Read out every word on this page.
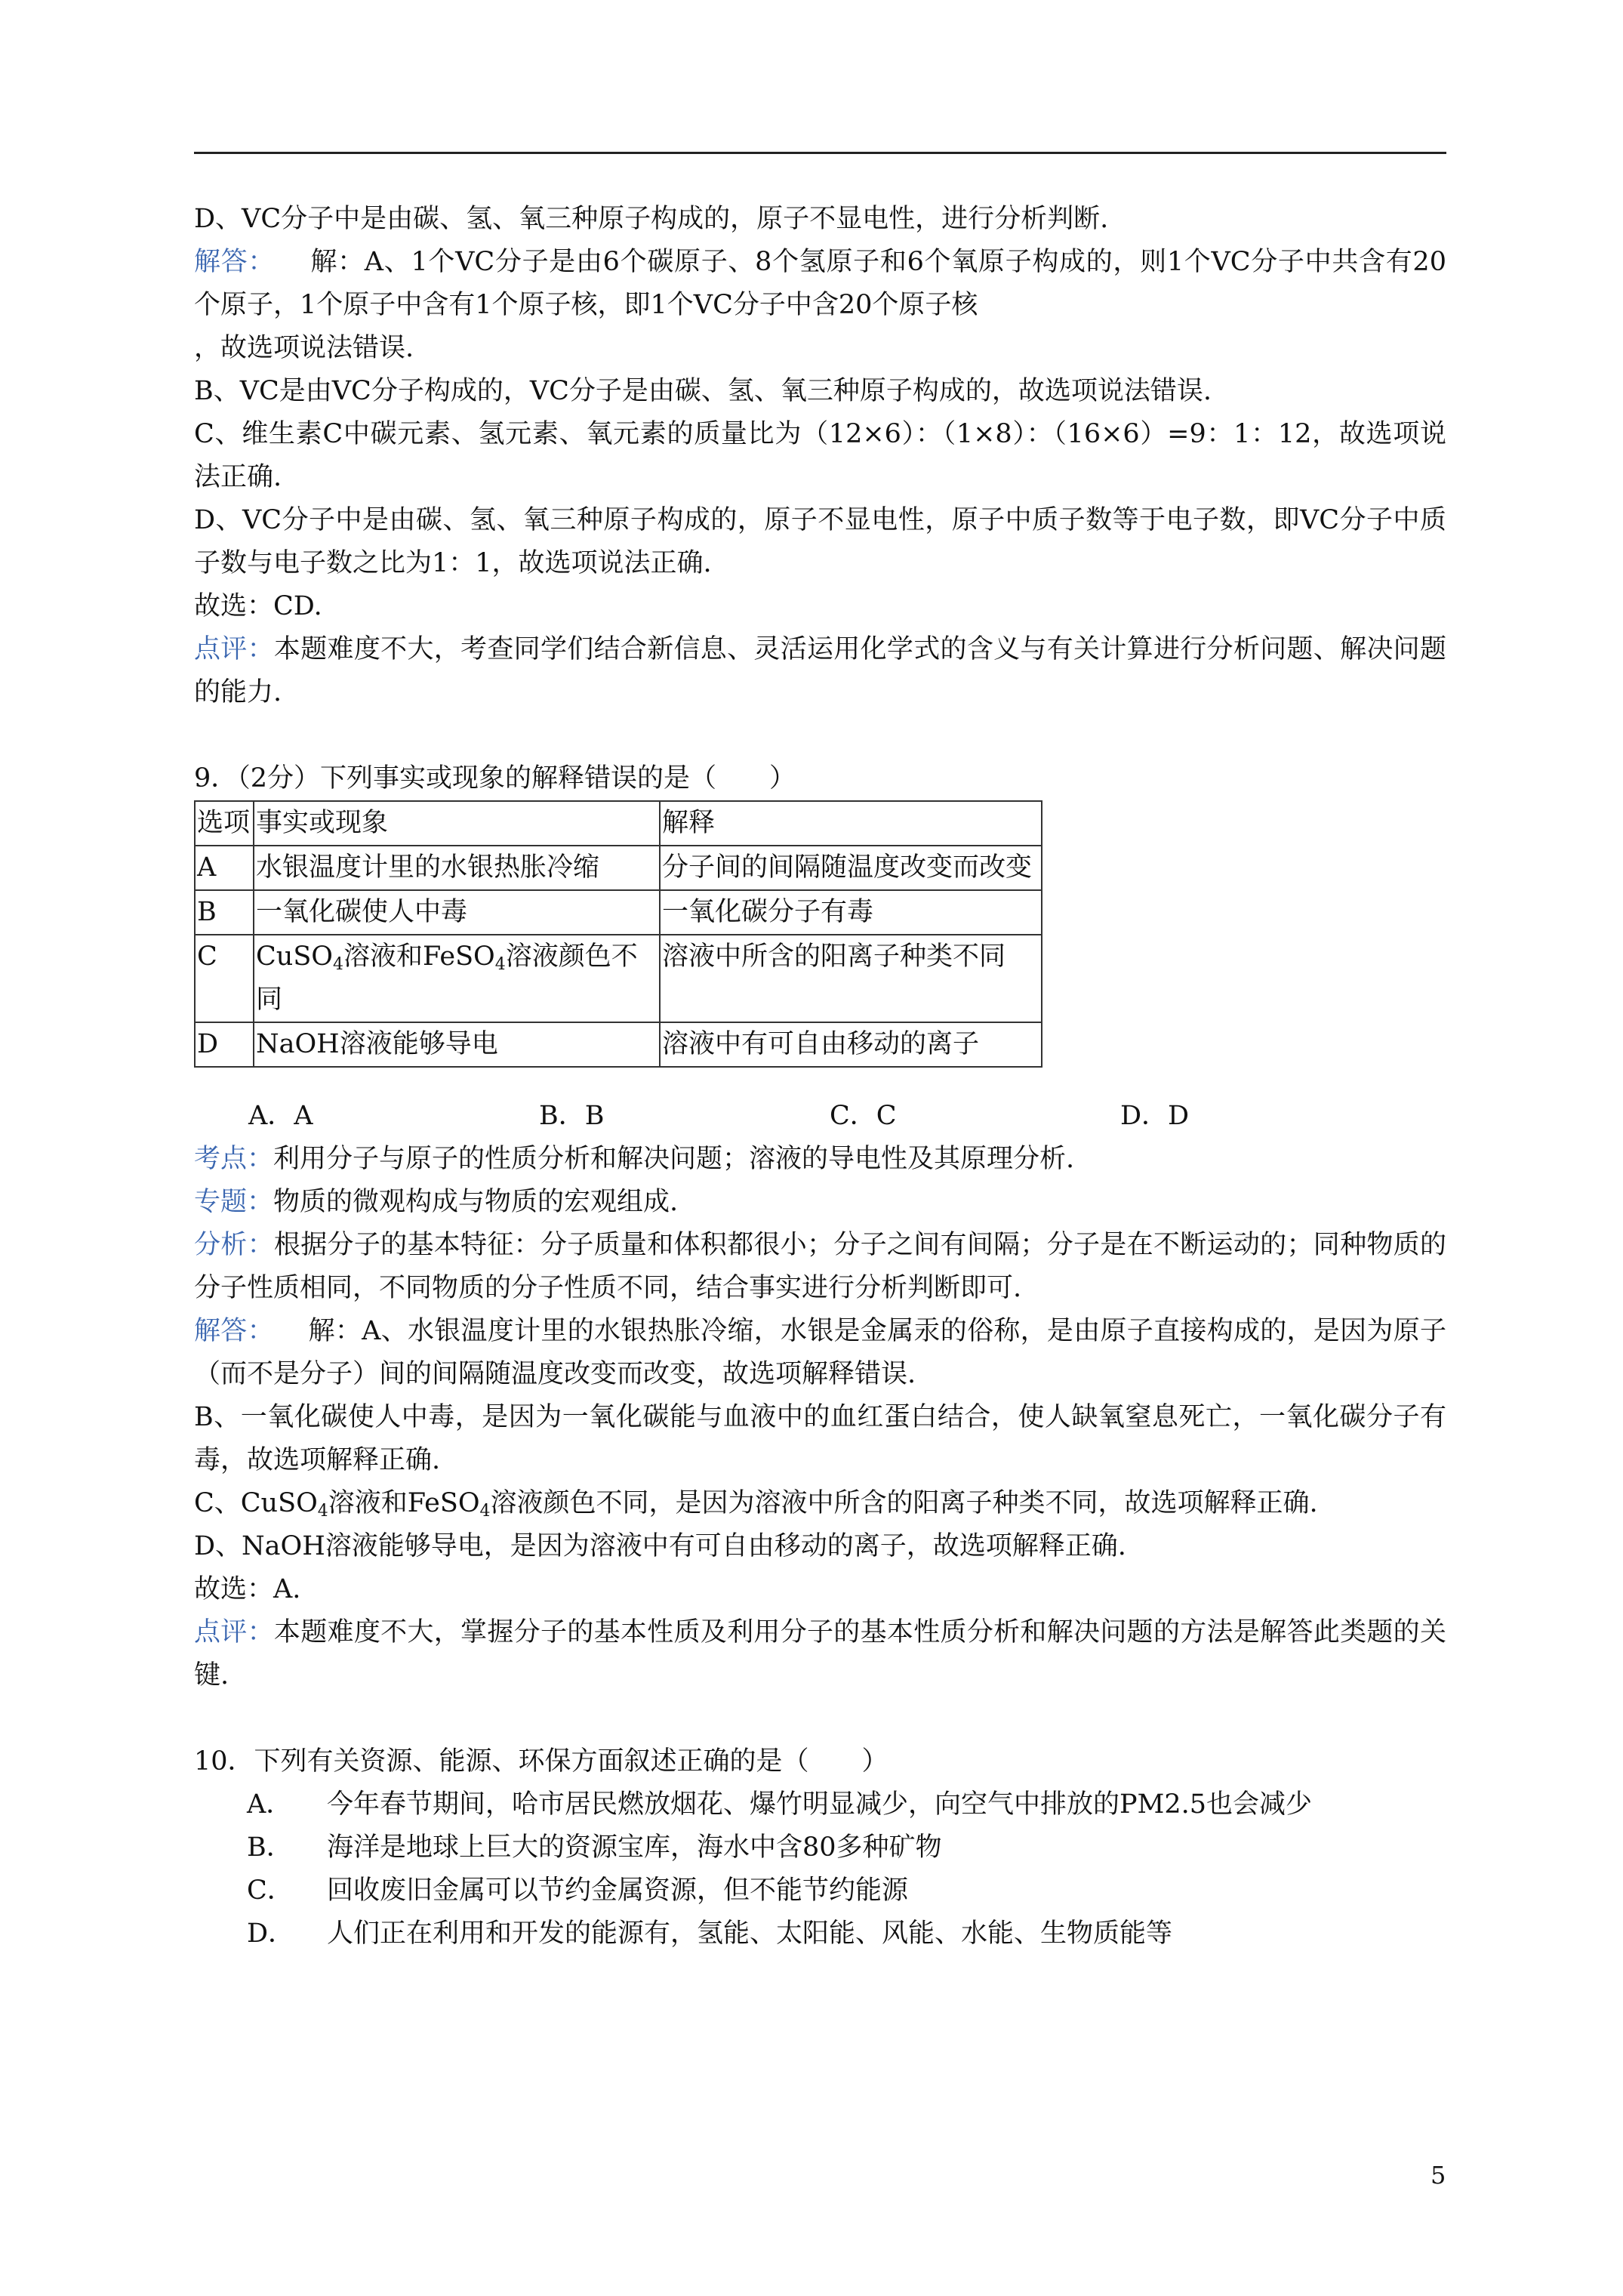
D、VC分子中是由碳、氢、氧三种原子构成的，原子不显电性，进行分析判断.

解答： 解：A、1个VC分子是由6个碳原子、8个氢原子和6个氧原子构成的，则1个VC分子中共含有20个原子，1个原子中含有1个原子核，即1个VC分子中含20个原子核

，故选项说法错误.

B、VC是由VC分子构成的，VC分子是由碳、氢、氧三种原子构成的，故选项说法错误.

C、维生素C中碳元素、氢元素、氧元素的质量比为（12×6）：（1×8）：（16×6）=9：1：12，故选项说法正确.

D、VC分子中是由碳、氢、氧三种原子构成的，原子不显电性，原子中质子数等于电子数，即VC分子中质子数与电子数之比为1：1，故选项说法正确.

故选：CD.

点评：本题难度不大，考查同学们结合新信息、灵活运用化学式的含义与有关计算进行分析问题、解决问题的能力.

9．（2分）下列事实或现象的解释错误的是（　　）

选项	事实或现象	解释
A	水银温度计里的水银热胀冷缩	分子间的间隔随温度改变而改变
B	一氧化碳使人中毒	一氧化碳分子有毒
C	CuSO$_4$溶液和FeSO$_4$溶液颜色不同	溶液中所含的阳离子种类不同
D	NaOH溶液能够导电	溶液中有可自由移动的离子
A．A	B．B	C．C	D．D

考点：利用分子与原子的性质分析和解决问题；溶液的导电性及其原理分析.

专题：物质的微观构成与物质的宏观组成.

分析：根据分子的基本特征：分子质量和体积都很小；分子之间有间隔；分子是在不断运动的；同种物质的分子性质相同，不同物质的分子性质不同，结合事实进行分析判断即可.

解答： 解：A、水银温度计里的水银热胀冷缩，水银是金属汞的俗称，是由原子直接构成的，是因为原子（而不是分子）间的间隔随温度改变而改变，故选项解释错误.

B、一氧化碳使人中毒，是因为一氧化碳能与血液中的血红蛋白结合，使人缺氧窒息死亡，一氧化碳分子有毒，故选项解释正确.

C、CuSO$_4$溶液和FeSO$_4$溶液颜色不同，是因为溶液中所含的阳离子种类不同，故选项解释正确.

D、NaOH溶液能够导电，是因为溶液中有可自由移动的离子，故选项解释正确.

故选：A.

点评：本题难度不大，掌握分子的基本性质及利用分子的基本性质分析和解决问题的方法是解答此类题的关键.

10．下列有关资源、能源、环保方面叙述正确的是（　　）

A．	今年春节期间，哈市居民燃放烟花、爆竹明显减少，向空气中排放的PM2.5也会减少
B．	海洋是地球上巨大的资源宝库，海水中含80多种矿物
C．	回收废旧金属可以节约金属资源，但不能节约能源
D．	人们正在利用和开发的能源有，氢能、太阳能、风能、水能、生物质能等
5
